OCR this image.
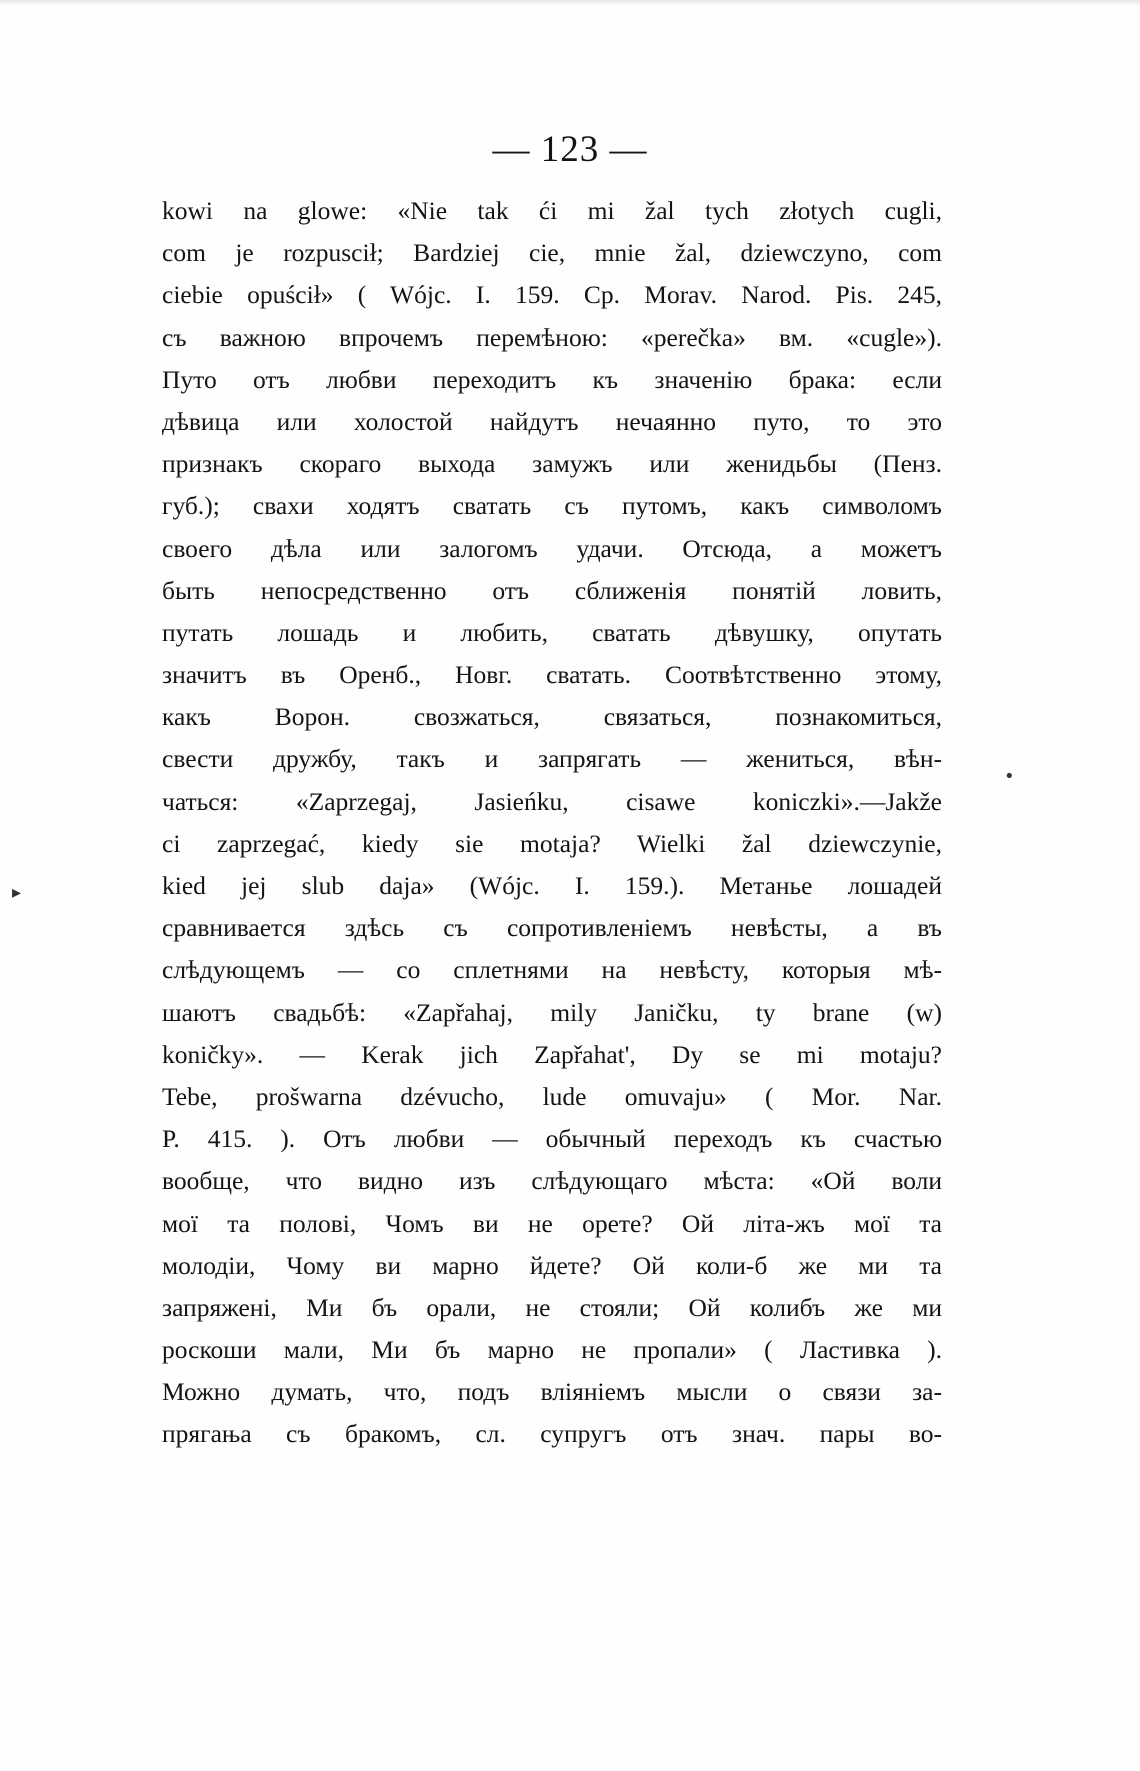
— 123 —
kowi na glowe: «Nie tak ći mi žal tych złotych cugli,
com je rozpuscił; Bardziej cie, mnie žal, dziewczyno, com
ciebie opuścił» ( Wójc. I. 159. Cp. Morav. Narod. Pis. 245,
съ важною впрочемъ перемѣною: «perečka» вм. «cugle»).
Путо отъ любви переходитъ къ значенію брака: если
дѣвица или холостой найдутъ нечаянно путо, то это
признакъ скораго выхода замужъ или женидьбы (Пенз.
губ.); свахи ходятъ сватать съ путомъ, какъ символомъ
своего дѣла или залогомъ удачи. Отсюда, а можетъ
быть непосредственно отъ сближенія понятій ловить,
путать лошадь и любить, сватать дѣвушку, опутать
значитъ въ Оренб., Новг. сватать. Соотвѣтственно этому,
какъ Ворон. свозжаться, связаться, познакомиться,
свести дружбу, такъ и запрягать — жениться, вѣн-
чаться: «Zaprzegaj, Jasieńku, cisawe koniczki».—Jakže
ci zaprzegać, kiedy sie motaja? Wielki žal dziewczynie,
kied jej slub daja» (Wójc. I. 159.). Метанье лошадей
сравнивается здѣсь съ сопротивленіемъ невѣсты, а въ
слѣдующемъ — со сплетнями на невѣсту, которыя мѣ-
шаютъ свадьбѣ: «Zapřahaj, mily Janičku, ty brane (w)
koničky». — Kerak jich Zapřahat', Dy se mi motaju?
Tebe, prošwarna dzévucho, lude omuvaju» ( Mor. Nar.
P. 415. ). Отъ любви — обычный переходъ къ счастью
вообще, что видно изъ слѣдующаго мѣста: «Ой воли
мої та полові, Чомъ ви не орете? Ой літа-жъ мої та
молодіи, Чому ви марно йдете? Ой коли-б же ми та
запряжені, Ми бъ орали, не стояли; Ой колибъ же ми
роскоши мали, Ми бъ марно не пропали» ( Ластивка ).
Можно думать, что, подъ вліяніемъ мысли о связи за-
прягања съ бракомъ, сл. супругъ отъ знач. пары во-
•
▸
